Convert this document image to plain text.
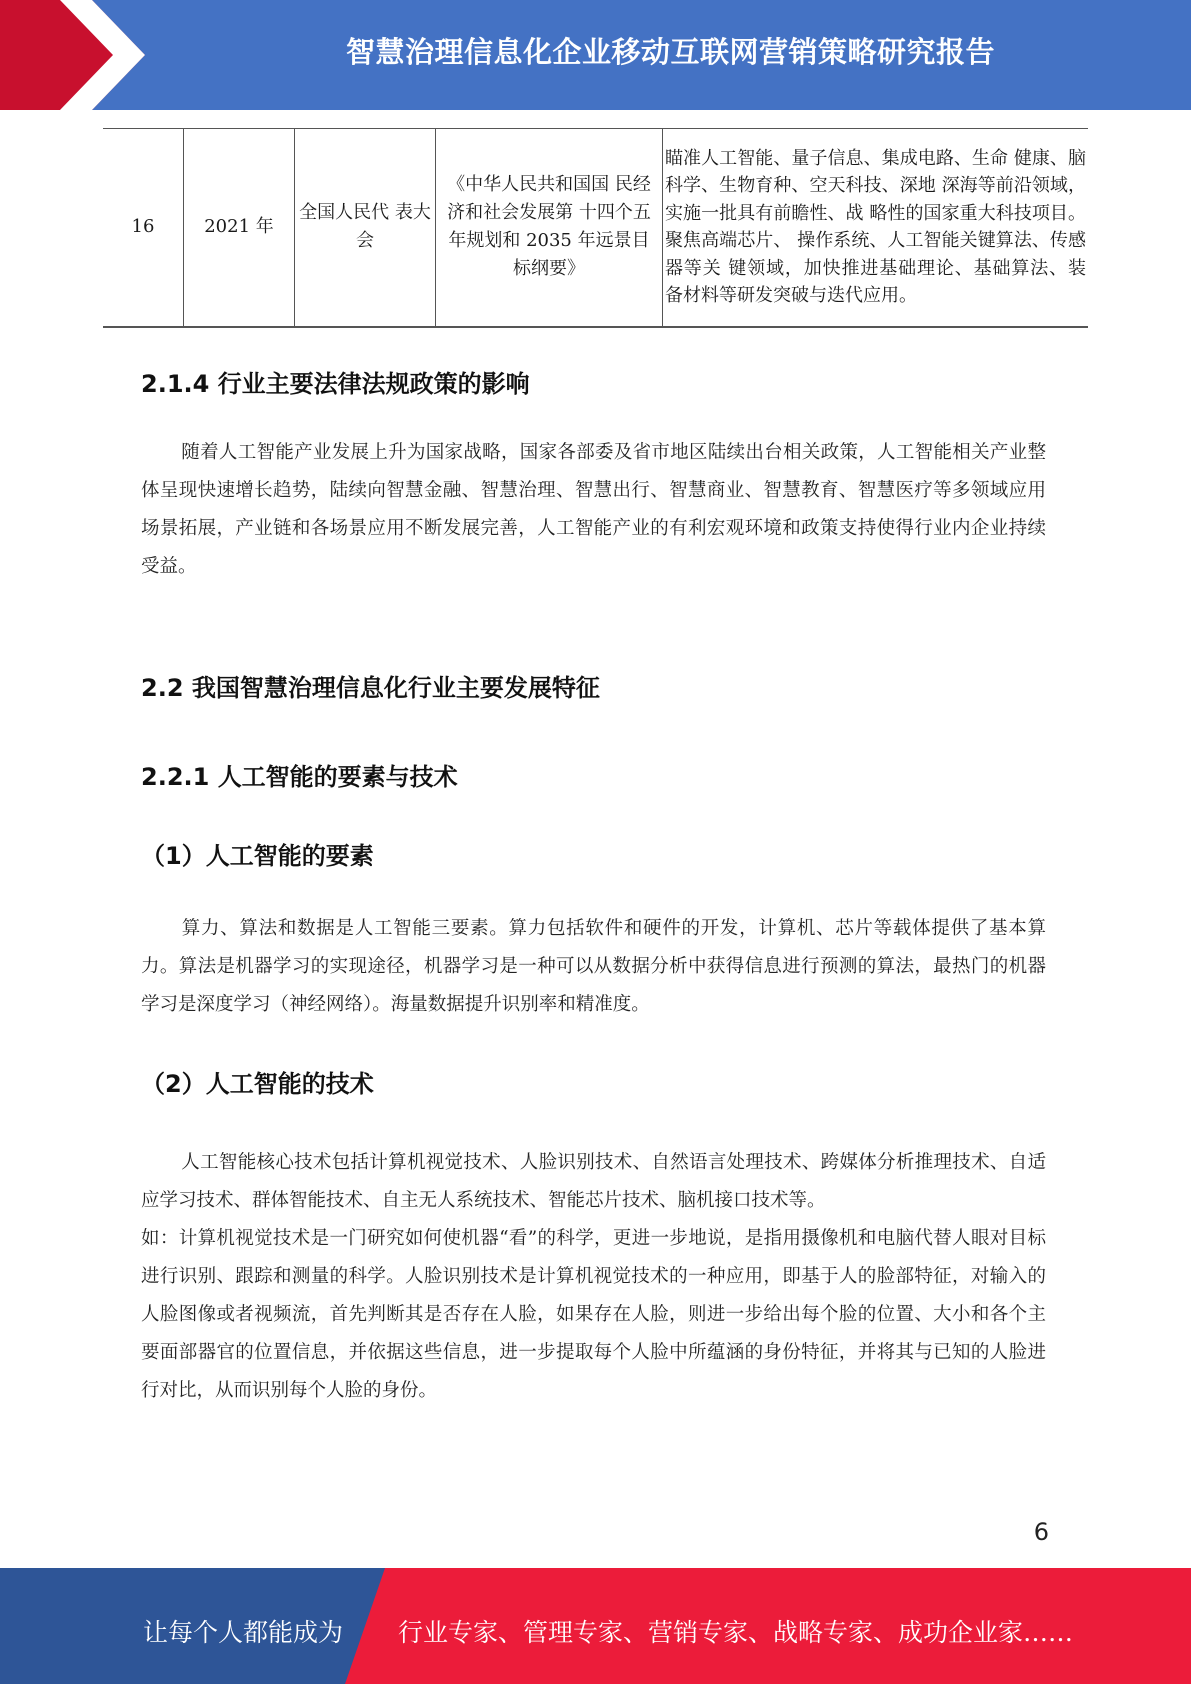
智慧治理信息化企业移动互联网营销策略研究报告
16	2021 年	全国人民代 表大会	《中华人民共和国国 民经济和社会发展第 十四个五年规划和 2035 年远景目标纲要》	瞄准人工智能、量子信息、集成电路、生命 健康、脑科学、生物育种、空天科技、深地 深海等前沿领域，实施一批具有前瞻性、战 略性的国家重大科技项目。聚焦高端芯片、 操作系统、人工智能关键算法、传感器等关 键领域，加快推进基础理论、基础算法、装 备材料等研发突破与迭代应用。
2.1.4 行业主要法律法规政策的影响

随着人工智能产业发展上升为国家战略，国家各部委及省市地区陆续出台相关政策，人工智能相关产业整体呈现快速增长趋势，陆续向智慧金融、智慧治理、智慧出行、智慧商业、智慧教育、智慧医疗等多领域应用场景拓展，产业链和各场景应用不断发展完善，人工智能产业的有利宏观环境和政策支持使得行业内企业持续受益。

2.2 我国智慧治理信息化行业主要发展特征
2.2.1 人工智能的要素与技术
（1）人工智能的要素

算力、算法和数据是人工智能三要素。算力包括软件和硬件的开发，计算机、芯片等载体提供了基本算力。算法是机器学习的实现途径，机器学习是一种可以从数据分析中获得信息进行预测的算法，最热门的机器学习是深度学习（神经网络）。海量数据提升识别率和精准度。

（2）人工智能的技术

人工智能核心技术包括计算机视觉技术、人脸识别技术、自然语言处理技术、跨媒体分析推理技术、自适应学习技术、群体智能技术、自主无人系统技术、智能芯片技术、脑机接口技术等。

如：计算机视觉技术是一门研究如何使机器“看”的科学，更进一步地说，是指用摄像机和电脑代替人眼对目标进行识别、跟踪和测量的科学。人脸识别技术是计算机视觉技术的一种应用，即基于人的脸部特征，对输入的人脸图像或者视频流，首先判断其是否存在人脸，如果存在人脸，则进一步给出每个脸的位置、大小和各个主要面部器官的位置信息，并依据这些信息，进一步提取每个人脸中所蕴涵的身份特征，并将其与已知的人脸进行对比，从而识别每个人脸的身份。

6
让每个人都能成为 行业专家、管理专家、营销专家、战略专家、成功企业家……
